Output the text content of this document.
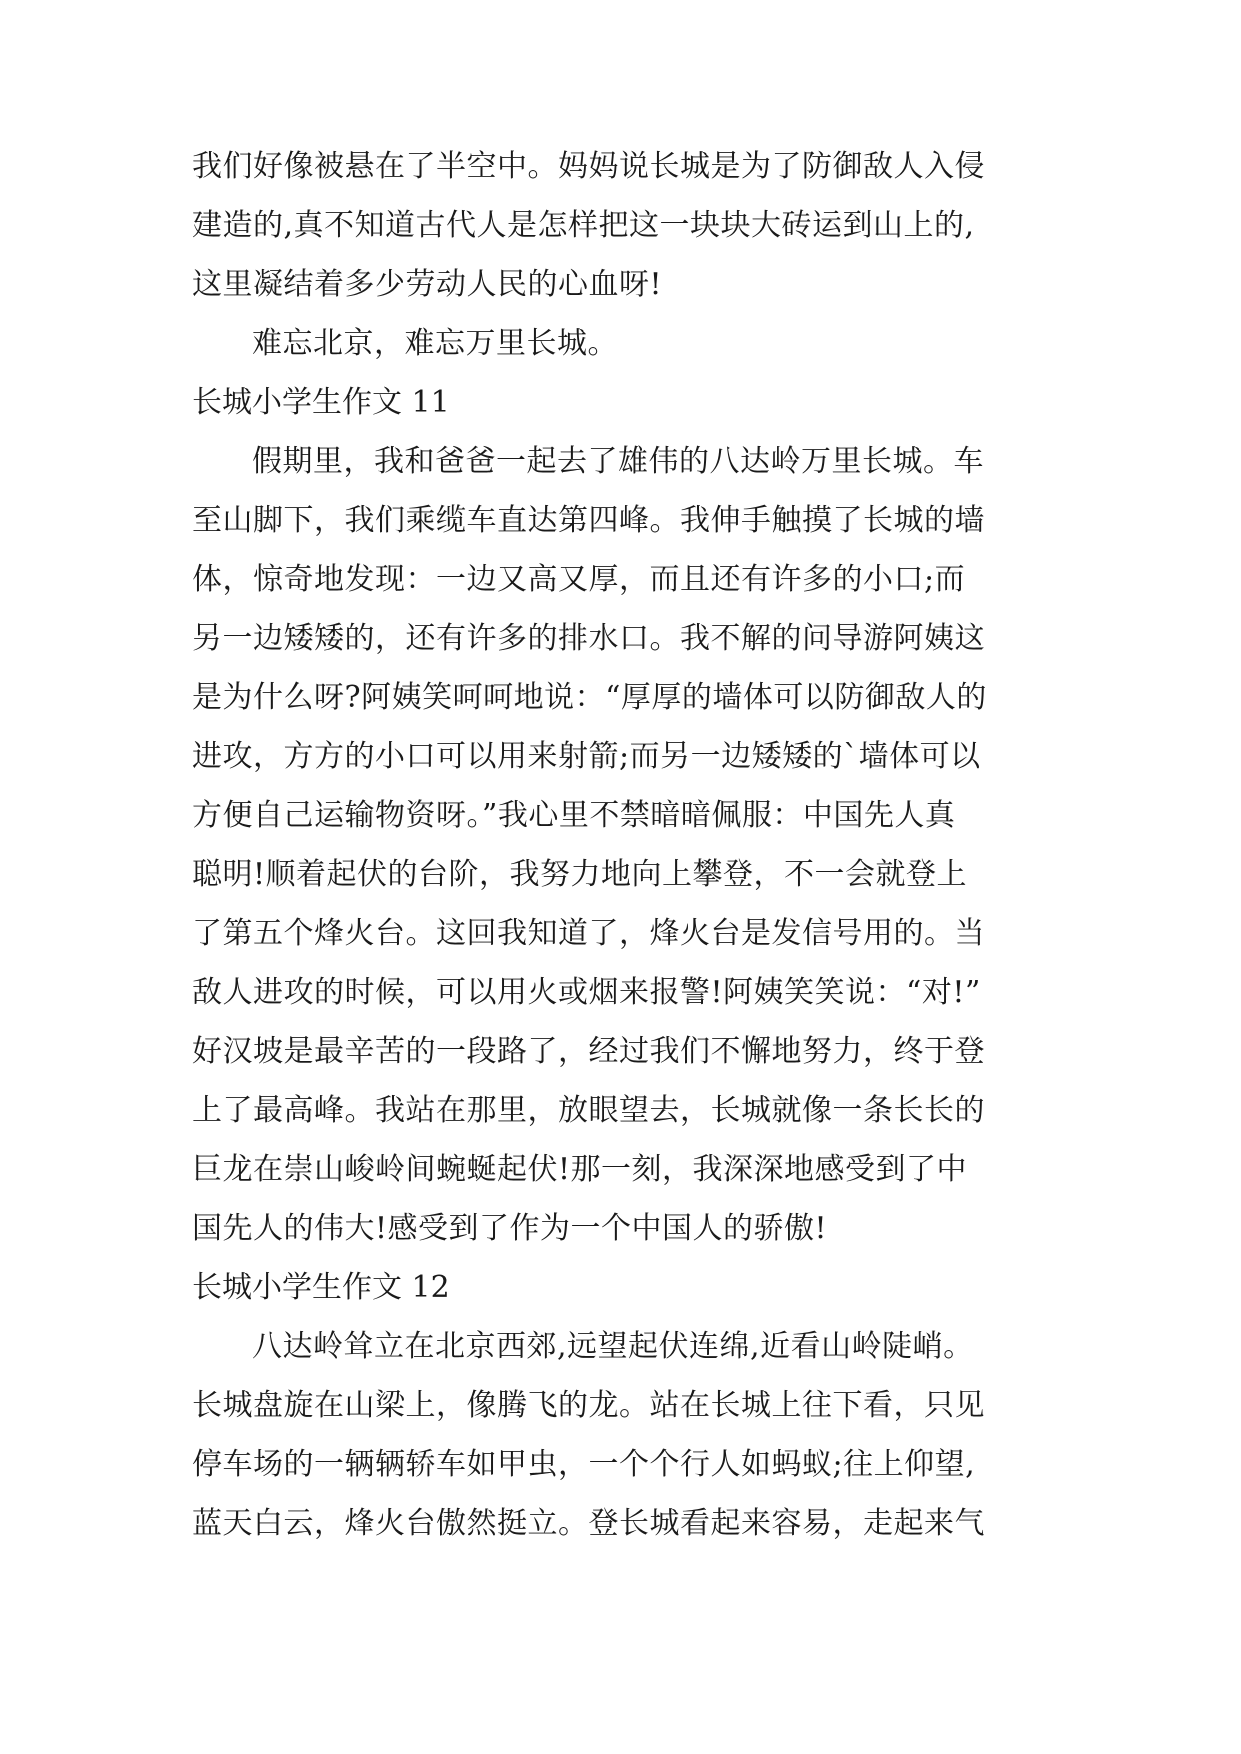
我们好像被悬在了半空中。妈妈说长城是为了防御敌人入侵
建造的,真不知道古代人是怎样把这一块块大砖运到山上的,
这里凝结着多少劳动人民的心血呀!
难忘北京，难忘万里长城。
长城小学生作文 11
假期里，我和爸爸一起去了雄伟的八达岭万里长城。车
至山脚下，我们乘缆车直达第四峰。我伸手触摸了长城的墙
体，惊奇地发现：一边又高又厚，而且还有许多的小口;而
另一边矮矮的，还有许多的排水口。我不解的问导游阿姨这
是为什么呀?阿姨笑呵呵地说：“厚厚的墙体可以防御敌人的
进攻，方方的小口可以用来射箭;而另一边矮矮的`墙体可以
方便自己运输物资呀。”我心里不禁暗暗佩服：中国先人真
聪明!顺着起伏的台阶，我努力地向上攀登，不一会就登上
了第五个烽火台。这回我知道了，烽火台是发信号用的。当
敌人进攻的时候，可以用火或烟来报警!阿姨笑笑说：“对!”
好汉坡是最辛苦的一段路了，经过我们不懈地努力，终于登
上了最高峰。我站在那里，放眼望去，长城就像一条长长的
巨龙在崇山峻岭间蜿蜒起伏!那一刻，我深深地感受到了中
国先人的伟大!感受到了作为一个中国人的骄傲!
长城小学生作文 12
八达岭耸立在北京西郊,远望起伏连绵,近看山岭陡峭。
长城盘旋在山梁上，像腾飞的龙。站在长城上往下看，只见
停车场的一辆辆轿车如甲虫，一个个行人如蚂蚁;往上仰望,
蓝天白云，烽火台傲然挺立。登长城看起来容易，走起来气
